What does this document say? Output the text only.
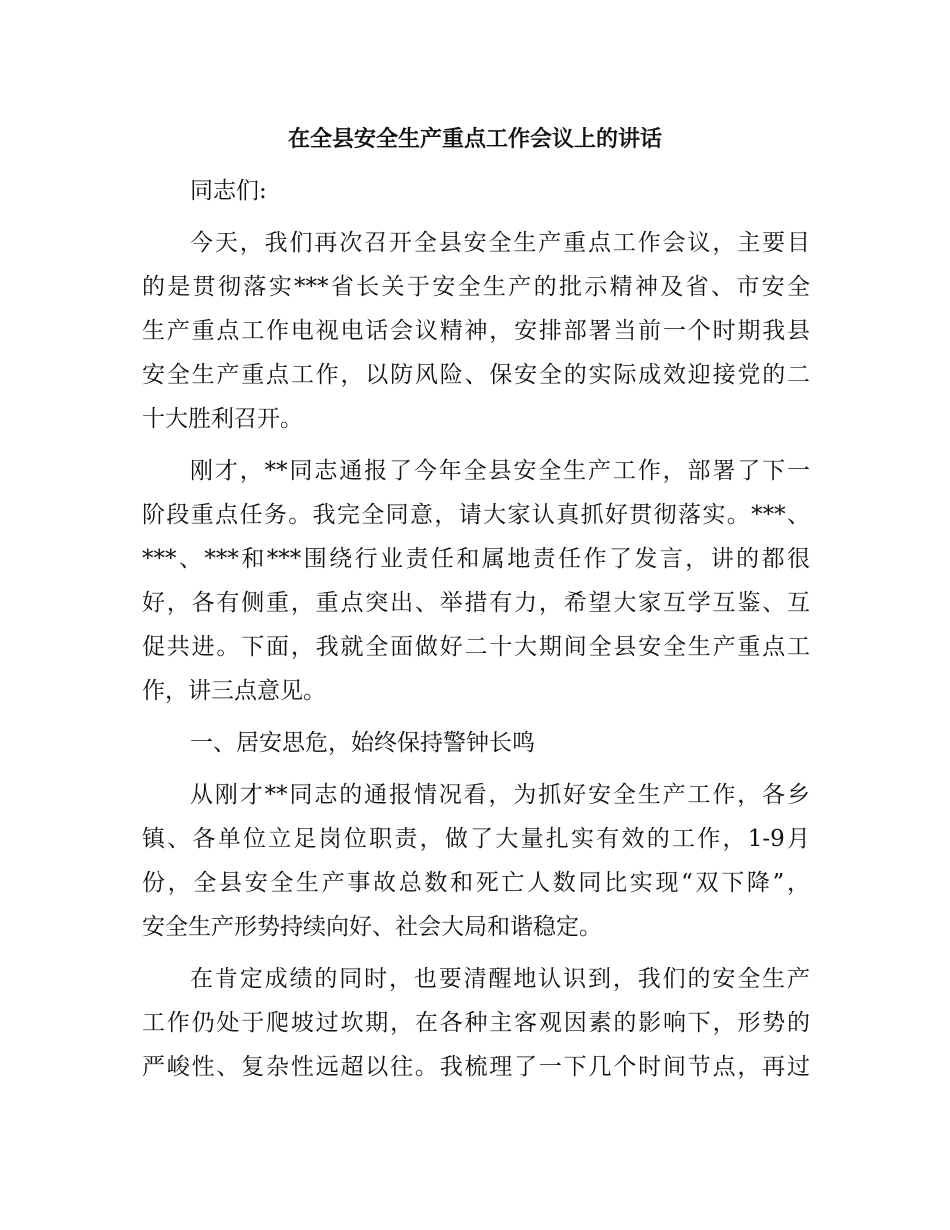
在全县安全生产重点工作会议上的讲话
同志们:
今天，我们再次召开全县安全生产重点工作会议，主要目
的是贯彻落实***省长关于安全生产的批示精神及省、市安全
生产重点工作电视电话会议精神，安排部署当前一个时期我县
安全生产重点工作，以防风险、保安全的实际成效迎接党的二
十大胜利召开。
刚才，**同志通报了今年全县安全生产工作，部署了下一
阶段重点任务。我完全同意，请大家认真抓好贯彻落实。***、
***、***和***围绕行业责任和属地责任作了发言，讲的都很
好，各有侧重，重点突出、举措有力，希望大家互学互鉴、互
促共进。下面，我就全面做好二十大期间全县安全生产重点工
作，讲三点意见。
一、居安思危，始终保持警钟长鸣
从刚才**同志的通报情况看，为抓好安全生产工作，各乡
镇、各单位立足岗位职责，做了大量扎实有效的工作，1-9月
份，全县安全生产事故总数和死亡人数同比实现“双下降”，
安全生产形势持续向好、社会大局和谐稳定。
在肯定成绩的同时，也要清醒地认识到，我们的安全生产
工作仍处于爬坡过坎期，在各种主客观因素的影响下，形势的
严峻性、复杂性远超以往。我梳理了一下几个时间节点，再过
